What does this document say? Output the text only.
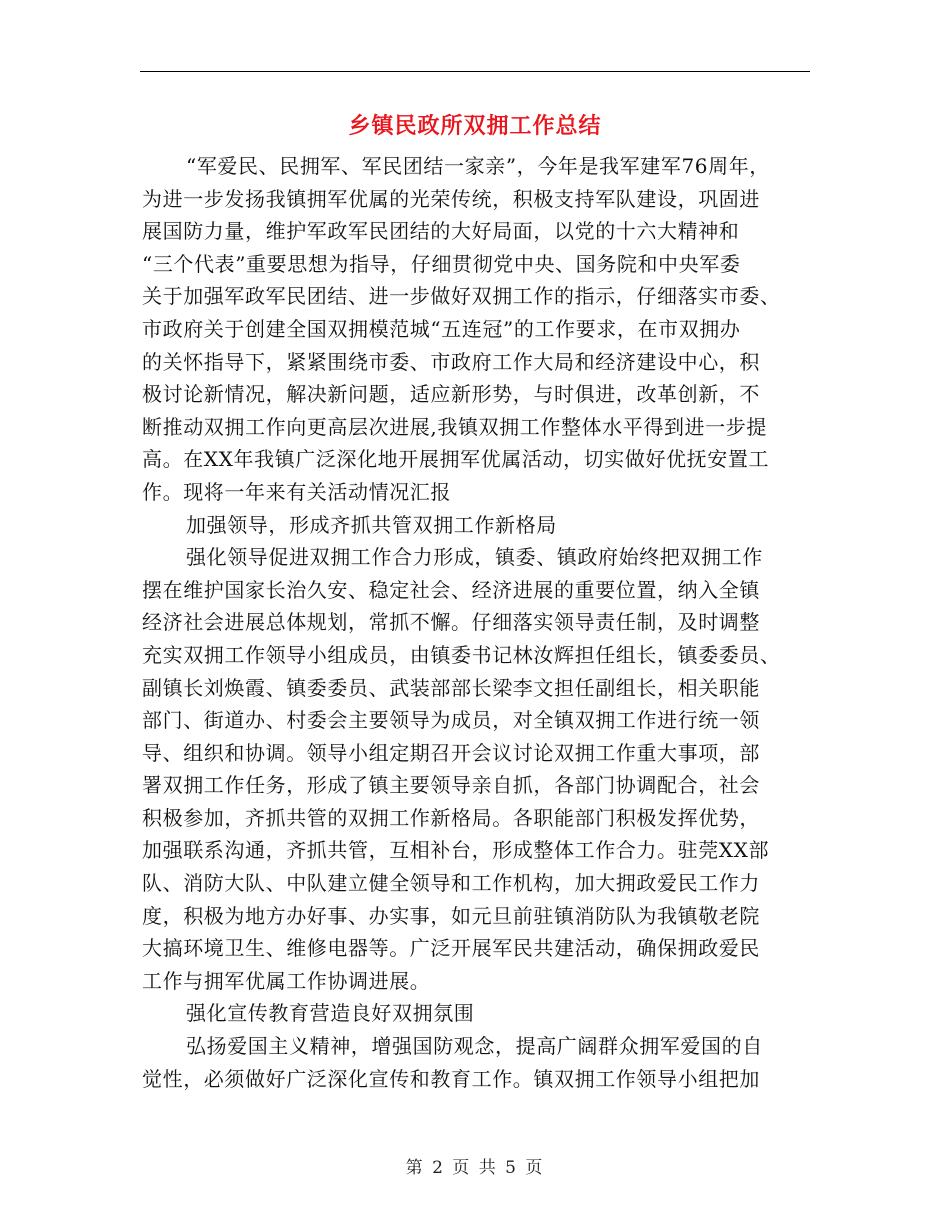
乡镇民政所双拥工作总结
“军爱民、民拥军、军民团结一家亲”，今年是我军建军76周年，
为进一步发扬我镇拥军优属的光荣传统，积极支持军队建设，巩固进
展国防力量，维护军政军民团结的大好局面，以党的十六大精神和
“三个代表”重要思想为指导，仔细贯彻党中央、国务院和中央军委
关于加强军政军民团结、进一步做好双拥工作的指示，仔细落实市委、
市政府关于创建全国双拥模范城“五连冠”的工作要求，在市双拥办
的关怀指导下，紧紧围绕市委、市政府工作大局和经济建设中心，积
极讨论新情况，解决新问题，适应新形势，与时俱进，改革创新，不
断推动双拥工作向更高层次进展,我镇双拥工作整体水平得到进一步提
高。在XX年我镇广泛深化地开展拥军优属活动，切实做好优抚安置工
作。现将一年来有关活动情况汇报
加强领导，形成齐抓共管双拥工作新格局
强化领导促进双拥工作合力形成，镇委、镇政府始终把双拥工作
摆在维护国家长治久安、稳定社会、经济进展的重要位置，纳入全镇
经济社会进展总体规划，常抓不懈。仔细落实领导责任制，及时调整
充实双拥工作领导小组成员，由镇委书记林汝辉担任组长，镇委委员、
副镇长刘焕霞、镇委委员、武装部部长梁李文担任副组长，相关职能
部门、街道办、村委会主要领导为成员，对全镇双拥工作进行统一领
导、组织和协调。领导小组定期召开会议讨论双拥工作重大事项，部
署双拥工作任务，形成了镇主要领导亲自抓，各部门协调配合，社会
积极参加，齐抓共管的双拥工作新格局。各职能部门积极发挥优势，
加强联系沟通，齐抓共管，互相补台，形成整体工作合力。驻莞XX部
队、消防大队、中队建立健全领导和工作机构，加大拥政爱民工作力
度，积极为地方办好事、办实事，如元旦前驻镇消防队为我镇敬老院
大搞环境卫生、维修电器等。广泛开展军民共建活动，确保拥政爱民
工作与拥军优属工作协调进展。
强化宣传教育营造良好双拥氛围
弘扬爱国主义精神，增强国防观念，提高广阔群众拥军爱国的自
觉性，必须做好广泛深化宣传和教育工作。镇双拥工作领导小组把加
第 2 页 共 5 页
